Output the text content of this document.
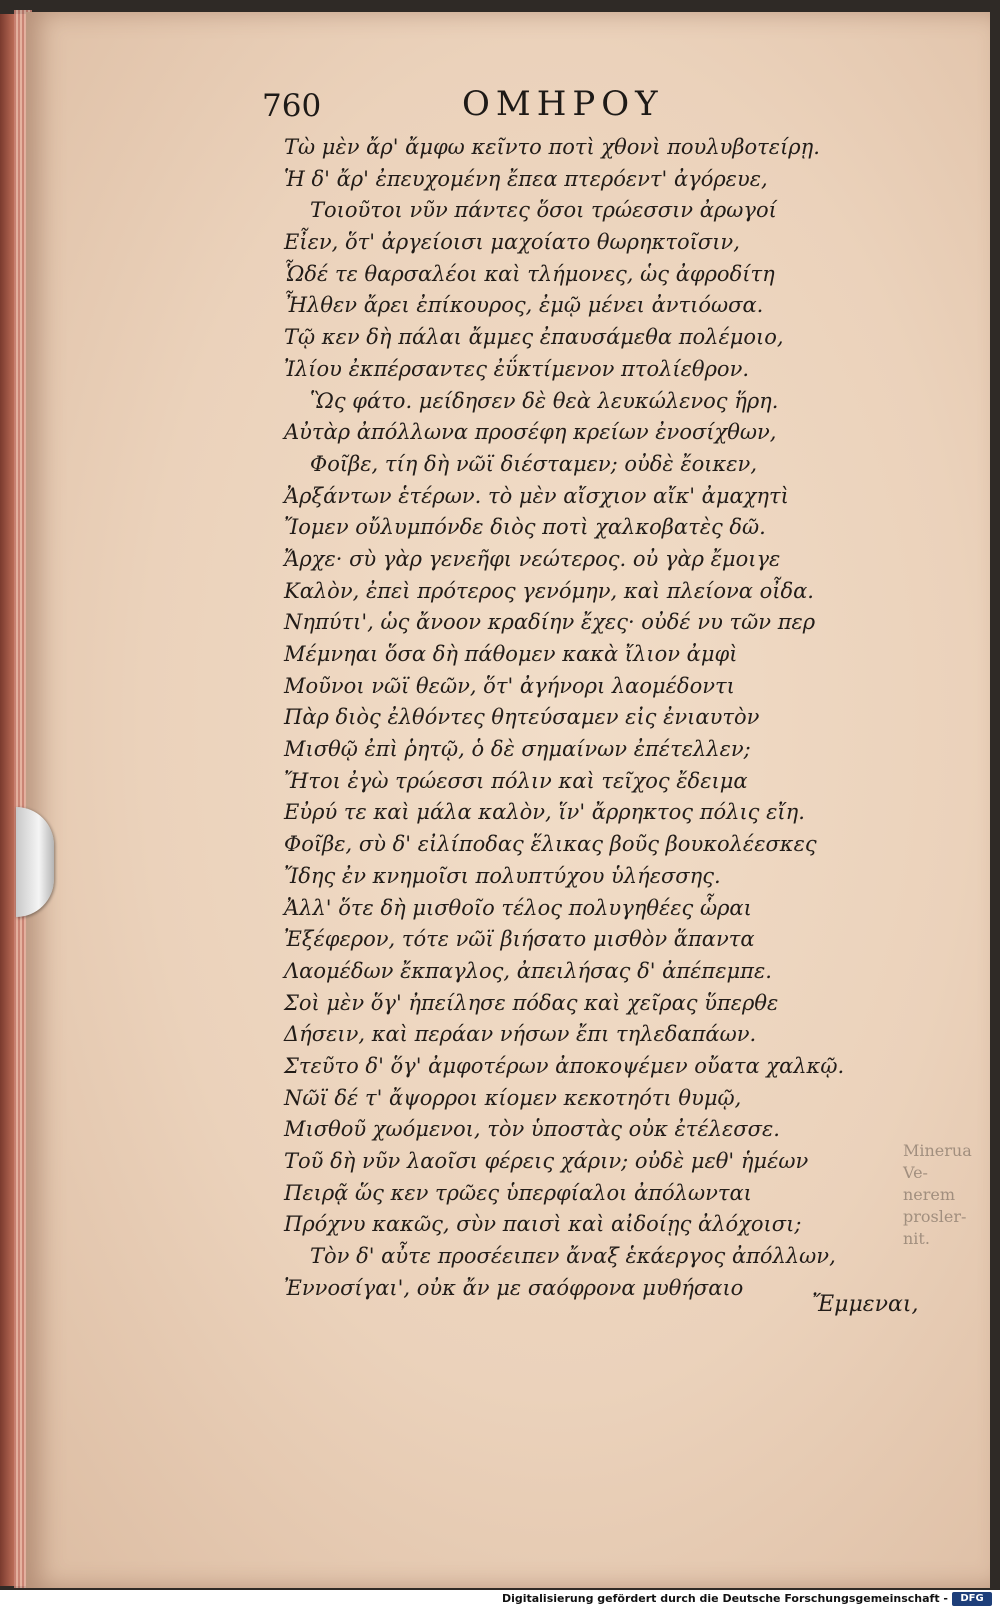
760	ΟΜΗΡΟΥ
Τὼ μὲν ἄρ' ἄμφω κεῖντο ποτὶ χθονὶ πουλυβοτείρῃ.
Ἡ δ' ἄρ' ἐπευχομένη ἔπεα πτερόεντ' ἀγόρευε,
Τοιοῦτοι νῦν πάντες ὅσοι τρώεσσιν ἀρωγοί
Εἶεν, ὅτ' ἀργείοισι μαχοίατο θωρηκτοῖσιν,
Ὧδέ τε θαρσαλέοι καὶ τλήμονες, ὡς ἀφροδίτη
Ἦλθεν ἄρει ἐπίκουρος, ἐμῷ μένει ἀντιόωσα.
Τῷ κεν δὴ πάλαι ἄμμες ἐπαυσάμεθα πολέμοιο,
Ἰλίου ἐκπέρσαντες ἐΰκτίμενον πτολίεθρον.
Ὣς φάτο. μείδησεν δὲ θεὰ λευκώλενος ἥρη.
Αὐτὰρ ἀπόλλωνα προσέφη κρείων ἐνοσίχθων,
Φοῖβε, τίη δὴ νῶϊ διέσταμεν; οὐδὲ ἔοικεν,
Ἀρξάντων ἑτέρων. τὸ μὲν αἴσχιον αἴκ' ἀμαχητὶ
Ἴομεν οὔλυμπόνδε διὸς ποτὶ χαλκοβατὲς δῶ.
Ἄρχε· σὺ γὰρ γενεῆφι νεώτερος. οὐ γὰρ ἔμοιγε
Καλὸν, ἐπεὶ πρότερος γενόμην, καὶ πλείονα οἶδα.
Νηπύτι', ὡς ἄνοον κραδίην ἔχες· οὐδέ νυ τῶν περ
Μέμνηαι ὅσα δὴ πάθομεν κακὰ ἴλιον ἀμφὶ
Μοῦνοι νῶϊ θεῶν, ὅτ' ἀγήνορι λαομέδοντι
Πὰρ διὸς ἐλθόντες θητεύσαμεν εἰς ἐνιαυτὸν
Μισθῷ ἐπὶ ῥητῷ, ὁ δὲ σημαίνων ἐπέτελλεν;
Ἤτοι ἐγὼ τρώεσσι πόλιν καὶ τεῖχος ἔδειμα
Εὐρύ τε καὶ μάλα καλὸν, ἵν' ἄρρηκτος πόλις εἴη.
Φοῖβε, σὺ δ' εἰλίποδας ἕλικας βοῦς βουκολέεσκες
Ἴδης ἐν κνημοῖσι πολυπτύχου ὑλήεσσης.
Ἀλλ' ὅτε δὴ μισθοῖο τέλος πολυγηθέες ὧραι
Ἐξέφερον, τότε νῶϊ βιήσατο μισθὸν ἅπαντα
Λαομέδων ἔκπαγλος, ἀπειλήσας δ' ἀπέπεμπε.
Σοὶ μὲν ὅγ' ἠπείλησε πόδας καὶ χεῖρας ὕπερθε
Δήσειν, καὶ περάαν νήσων ἔπι τηλεδαπάων.
Στεῦτο δ' ὅγ' ἀμφοτέρων ἀποκοψέμεν οὔατα χαλκῷ.
Νῶϊ δέ τ' ἄψορροι κίομεν κεκοτηότι θυμῷ,
Μισθοῦ χωόμενοι, τὸν ὑποστὰς οὐκ ἐτέλεσσε.
Τοῦ δὴ νῦν λαοῖσι φέρεις χάριν; οὐδὲ μεθ' ἡμέων
Πειρᾷ ὥς κεν τρῶες ὑπερφίαλοι ἀπόλωνται
Πρόχνυ κακῶς, σὺν παισὶ καὶ αἰδοίῃς ἀλόχοισι;
Τὸν δ' αὖτε προσέειπεν ἄναξ ἑκάεργος ἀπόλλων,
Ἐννοσίγαι', οὐκ ἄν με σαόφρονα μυθήσαιο
Minerua Ve- nerem prosler- nit.
Ἔμμεναι,
Digitalisierung gefördert durch die Deutsche Forschungsgemeinschaft -	DFG
